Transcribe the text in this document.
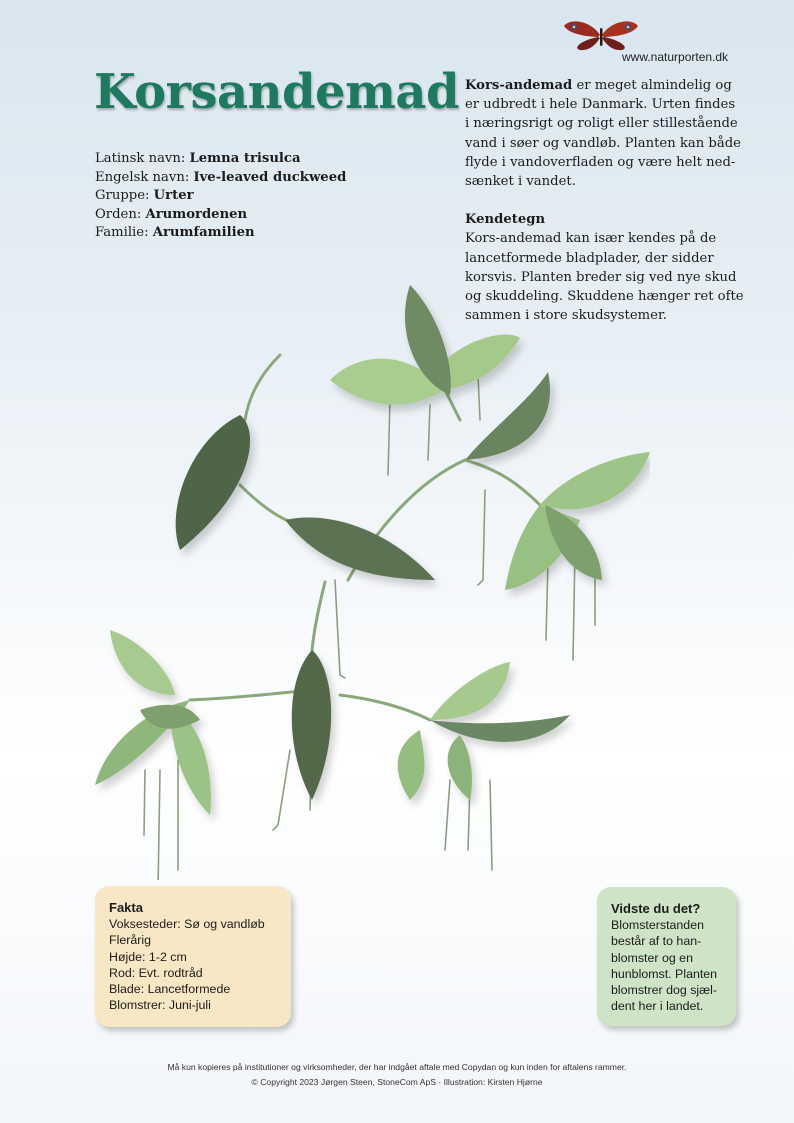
www.naturporten.dk
Korsandemad
Latinsk navn: Lemna trisulca
Engelsk navn: Ive-leaved duckweed
Gruppe: Urter
Orden: Arumordenen
Familie: Arumfamilien

Kors-andemad er meget almindelig og

er udbredt i hele Danmark. Urten findes

i næringsrigt og roligt eller stillestående

vand i søer og vandløb. Planten kan både

flyde i vandoverfladen og være helt ned-

sænket i vandet.

Kendetegn

Kors-andemad kan især kendes på de

lancetformede bladplader, der sidder

korsvis. Planten breder sig ved nye skud

og skuddeling. Skuddene hænger ret ofte

sammen i store skudsystemer.

Fakta
Voksesteder: Sø og vandløb
Flerårig
Højde: 1-2 cm
Rod: Evt. rodtråd
Blade: Lancetformede
Blomstrer: Juni-juli
Vidste du det?
Blomsterstanden
består af to han-
blomster og en
hunblomst. Planten
blomstrer dog sjæl-
dent her i landet.
Må kun kopieres på institutioner og virksomheder, der har indgået aftale med Copydan og kun inden for aftalens rammer.
© Copyright 2023 Jørgen Steen, StoneCom ApS · Illustration: Kirsten Hjørne
